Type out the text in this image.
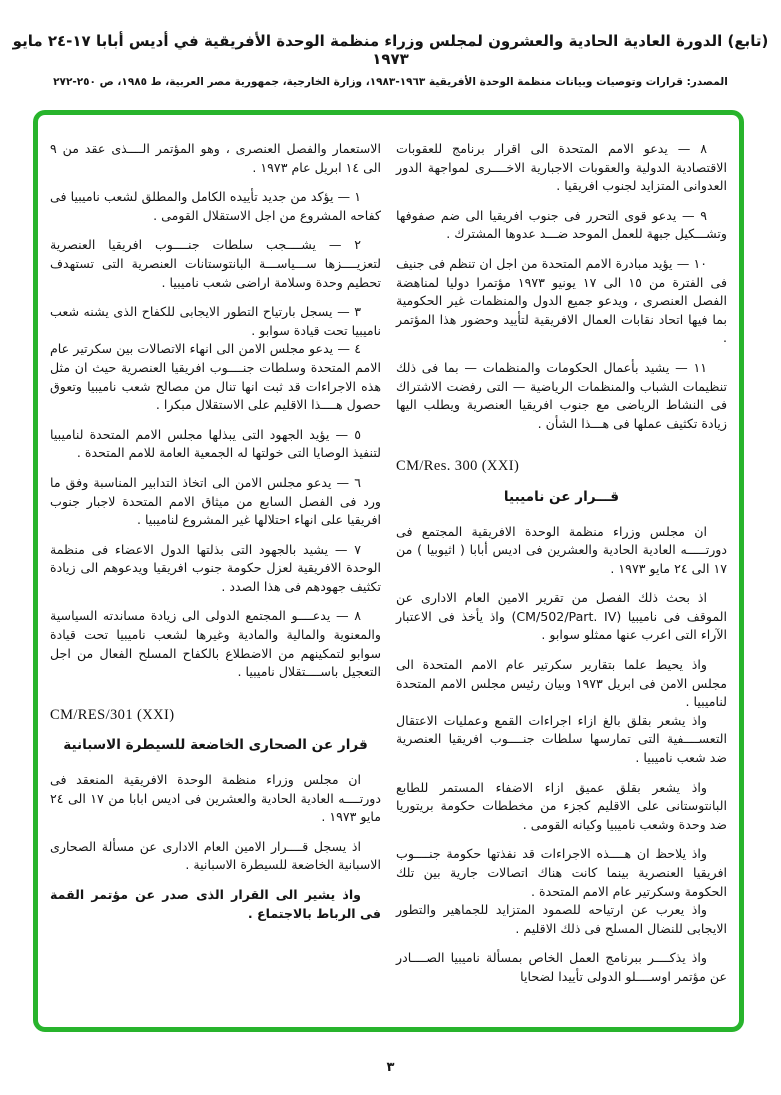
(تابع) الدورة العادية الحادية والعشرون لمجلس وزراء منظمة الوحدة الأفريقية في أديس أبابا ١٧-٢٤ مايو ١٩٧٣
المصدر: قرارات وتوصيات وبيانات منظمة الوحدة الأفريقية ١٩٦٣-١٩٨٣، وزارة الخارجية، جمهورية مصر العربية، ط ١٩٨٥، ص ٢٥٠-٢٧٢

٨ — يدعو الامم المتحدة الى اقرار برنامج للعقوبات الاقتصادية الدولية والعقوبات الاجبارية الاخــــرى لمواجهة الدور العدوانى المتزايد لجنوب افريقيا .

٩ — يدعو قوى التحرر فى جنوب افريقيا الى ضم صفوفها وتشـــكيل جبهة للعمل الموحد ضـــد عدوها المشترك .

١٠ — يؤيد مبادرة الامم المتحدة من اجل ان تنظم فى جنيف فى الفترة من ١٥ الى ١٧ يونيو ١٩٧٣ مؤتمرا دوليا لمناهضة الفصل العنصرى ، ويدعو جميع الدول والمنظمات غير الحكومية بما فيها اتحاد نقابات العمال الافريقية لتأييد وحضور هذا المؤتمر .

١١ — يشيد بأعمال الحكومات والمنظمات — بما فى ذلك تنظيمات الشباب والمنظمات الرياضية — التى رفضت الاشتراك فى النشاط الرياضى مع جنوب افريقيا العنصرية ويطلب اليها زيادة تكثيف عملها فى هـــذا الشأن .

CM/Res. 300 (XXI)

قـــرار عن ناميبيا

ان مجلس وزراء منظمة الوحدة الافريقية المجتمع فى دورتـــــه العادية الحادية والعشرين فى اديس أبابا ( اثيوبيا ) من ١٧ الى ٢٤ مايو ١٩٧٣ .

اذ بحث ذلك الفصل من تقرير الامين العام الادارى عن الموقف فى ناميبيا (CM/502/Part. IV) واذ يأخذ فى الاعتبار الآراء التى اعرب عنها ممثلو سوابو .

واذ يحيط علما بتقارير سكرتير عام الامم المتحدة الى مجلس الامن فى ابريل ١٩٧٣ وبيان رئيس مجلس الامم المتحدة لناميبيا .

واذ يشعر بقلق بالغ ازاء اجراءات القمع وعمليات الاعتقال التعســــفية التى تمارسها سلطات جنــــوب افريقيا العنصرية ضد شعب ناميبيا .

واذ يشعر بقلق عميق ازاء الاضفاء المستمر للطابع البانتوستانى على الاقليم كجزء من مخططات حكومة بريتوريا ضد وحدة وشعب ناميبيا وكيانه القومى .

واذ يلاحظ ان هــــذه الاجراءات قد نفذتها حكومة جنــــوب افريقيا العنصرية بينما كانت هناك اتصالات جارية بين تلك الحكومة وسكرتير عام الامم المتحدة .

واذ يعرب عن ارتياحه للصمود المتزايد للجماهير والتطور الايجابى للنضال المسلح فى ذلك الاقليم .

واذ يذكــــر ببرنامج العمل الخاص بمسألة ناميبيا الصــــادر عن مؤتمر اوســــلو الدولى تأييدا لضحايا

الاستعمار والفصل العنصرى ، وهو المؤتمر الــــذى عقد من ٩ الى ١٤ ابريل عام ١٩٧٣ .

١ — يؤكد من جديد تأييده الكامل والمطلق لشعب ناميبيا فى كفاحه المشروع من اجل الاستقلال القومى .

٢ — يشــــجب سلطات جنــــوب افريقيا العنصرية لتعزيــــزها ســـياســـة البانتوستانات العنصرية التى تستهدف تحطيم وحدة وسلامة اراضى شعب ناميبيا .

٣ — يسجل بارتياح التطور الايجابى للكفاح الذى يشنه شعب ناميبيا تحت قيادة سوابو .

٤ — يدعو مجلس الامن الى انهاء الاتصالات بين سكرتير عام الامم المتحدة وسلطات جنــــوب افريقيا العنصرية حيث ان مثل هذه الاجراءات قد ثبت انها تنال من مصالح شعب ناميبيا وتعوق حصول هــــذا الاقليم على الاستقلال مبكرا .

٥ — يؤيد الجهود التى يبذلها مجلس الامم المتحدة لناميبيا لتنفيذ الوصايا التى خولتها له الجمعية العامة للامم المتحدة .

٦ — يدعو مجلس الامن الى اتخاذ التدابير المناسبة وفق ما ورد فى الفصل السابع من ميثاق الامم المتحدة لاجبار جنوب افريقيا على انهاء احتلالها غير المشروع لناميبيا .

٧ — يشيد بالجهود التى بذلتها الدول الاعضاء فى منظمة الوحدة الافريقية لعزل حكومة جنوب افريقيا ويدعوهم الى زيادة تكثيف جهودهم فى هذا الصدد .

٨ — يدعــــو المجتمع الدولى الى زيادة مساندته السياسية والمعنوية والمالية والمادية وغيرها لشعب ناميبيا تحت قيادة سوابو لتمكينهم من الاضطلاع بالكفاح المسلح الفعال من اجل التعجيل باســــتقلال ناميبيا .

CM/RES/301 (XXI)

قرار عن الصحارى الخاضعة للسيطرة الاسبانية

ان مجلس وزراء منظمة الوحدة الافريقية المنعقد فى دورتــــه العادية الحادية والعشرين فى اديس ابابا من ١٧ الى ٢٤ مايو ١٩٧٣ .

اذ يسجل قــــرار الامين العام الادارى عن مسألة الصحارى الاسبانية الخاضعة للسيطرة الاسبانية .

واذ يشير الى القرار الذى صدر عن مؤتمر القمة فى الرباط بالاجتماع .

٣
